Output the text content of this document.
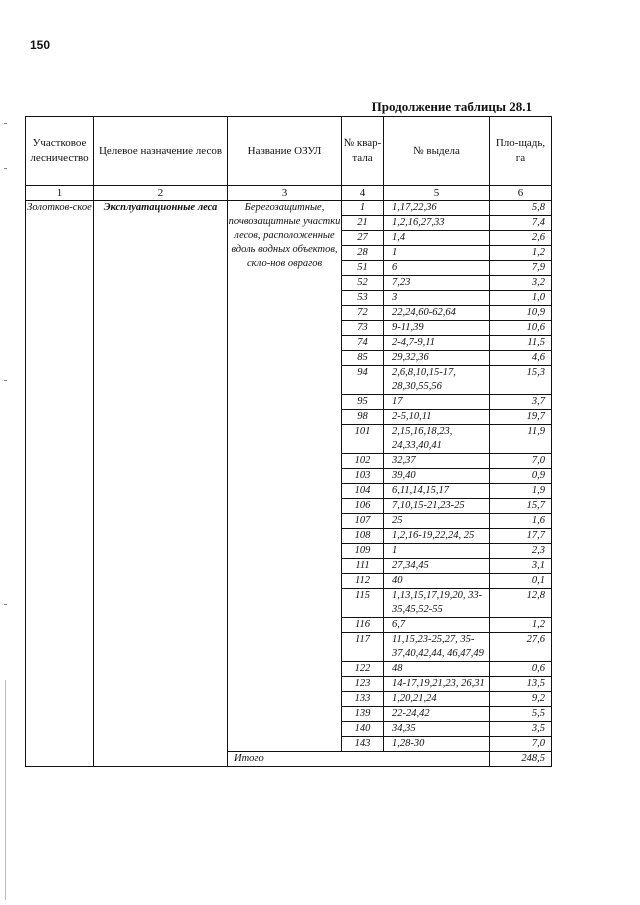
150
Продолжение таблицы 28.1
Участковое лесничество	Целевое назначение лесов	Название ОЗУЛ	№ квар-тала	№ выдела	Пло-щадь, га
1	2	3	4	5	6
Золотков-ское	Эксплуатационные леса	Берегозащитные, почвозащитные участки лесов, расположенные вдоль водных объектов, скло-нов оврагов	1	1,17,22,36	5,8
			21	1,2,16,27,33	7,4
			27	1,4	2,6
			28	1	1,2
			51	6	7,9
			52	7,23	3,2
			53	3	1,0
			72	22,24,60-62,64	10,9
			73	9-11,39	10,6
			74	2-4,7-9,11	11,5
			85	29,32,36	4,6
			94	2,6,8,10,15-17, 28,30,55,56	15,3
			95	17	3,7
			98	2-5,10,11	19,7
			101	2,15,16,18,23, 24,33,40,41	11,9
			102	32,37	7,0
			103	39,40	0,9
			104	6,11,14,15,17	1,9
			106	7,10,15-21,23-25	15,7
			107	25	1,6
			108	1,2,16-19,22,24, 25	17,7
			109	1	2,3
			111	27,34,45	3,1
			112	40	0,1
			115	1,13,15,17,19,20, 33-35,45,52-55	12,8
			116	6,7	1,2
			117	11,15,23-25,27, 35-37,40,42,44, 46,47,49	27,6
			122	48	0,6
			123	14-17,19,21,23, 26,31	13,5
			133	1,20,21,24	9,2
			139	22-24,42	5,5
			140	34,35	3,5
			143	1,28-30	7,0
		Итого			248,5
